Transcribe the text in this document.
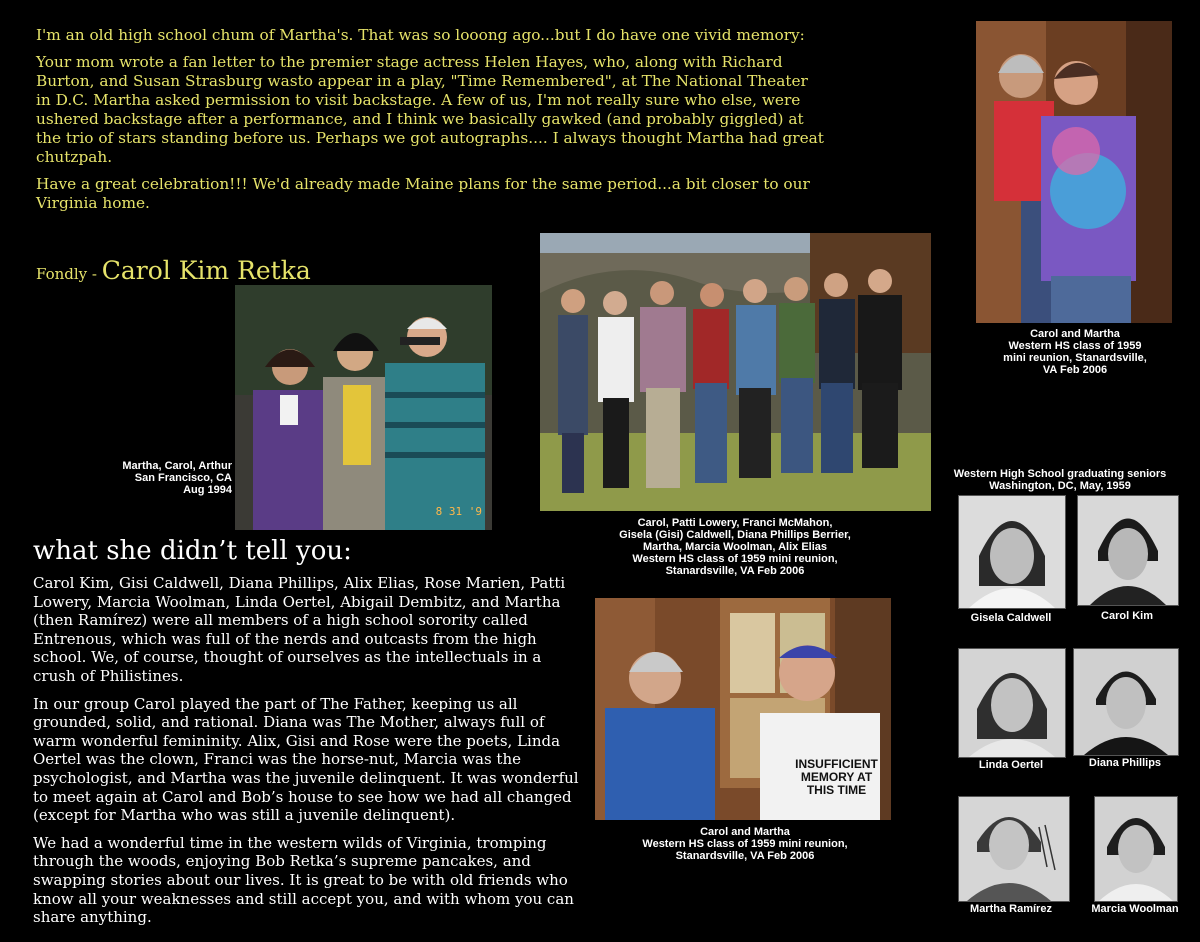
I'm an old high school chum of Martha's. That was so looong ago...but I do have one vivid memory:

Your mom wrote a fan letter to the premier stage actress Helen Hayes, who, along with Richard Burton, and Susan Strasburg wasto appear in a play, "Time Remembered", at The National Theater in D.C. Martha asked permission to visit backstage. A few of us, I'm not really sure who else, were ushered backstage after a performance, and I think we basically gawked (and probably giggled) at the trio of stars standing before us. Perhaps we got autographs.... I always thought Martha had great chutzpah.

Have a great celebration!!! We'd already made Maine plans for the same period...a bit closer to our Virginia home.

Fondly - Carol Kim Retka
8 31 '9
Martha, Carol, Arthur
San Francisco, CA
Aug 1994
Carol, Patti Lowery, Franci McMahon,
Gisela (Gisi) Caldwell, Diana Phillips Berrier,
Martha, Marcia Woolman, Alix Elias
Western HS class of 1959 mini reunion,
Stanardsville, VA Feb 2006
Carol and Martha
Western HS class of 1959
mini reunion, Stanardsville,
VA Feb 2006
what she didn’t tell you:

Carol Kim, Gisi Caldwell, Diana Phillips, Alix Elias, Rose Marien, Patti Lowery, Marcia Woolman, Linda Oertel, Abigail Dembitz, and Martha (then Ramírez) were all members of a high school sorority called Entrenous, which was full of the nerds and outcasts from the high school. We, of course, thought of ourselves as the intellectuals in a crush of Philistines.

In our group Carol played the part of The Father, keeping us all grounded, solid, and rational. Diana was The Mother, always full of warm wonderful femininity. Alix, Gisi and Rose were the poets, Linda Oertel was the clown, Franci was the horse-nut, Marcia was the psychologist, and Martha was the juvenile delinquent. It was wonderful to meet again at Carol and Bob’s house to see how we had all changed (except for Martha who was still a juvenile delinquent).

We had a wonderful time in the western wilds of Virginia, tromping through the woods, enjoying Bob Retka’s supreme pancakes, and swapping stories about our lives. It is great to be with old friends who know all your weaknesses and still accept you, and with whom you can share anything.

INSUFFICIENT MEMORY AT THIS TIME
Carol and Martha
Western HS class of 1959 mini reunion,
Stanardsville, VA Feb 2006
Western High School graduating seniors
Washington, DC, May, 1959
Gisela Caldwell	Carol Kim
Linda Oertel	Diana Phillips
Martha Ramírez	Marcia Woolman
